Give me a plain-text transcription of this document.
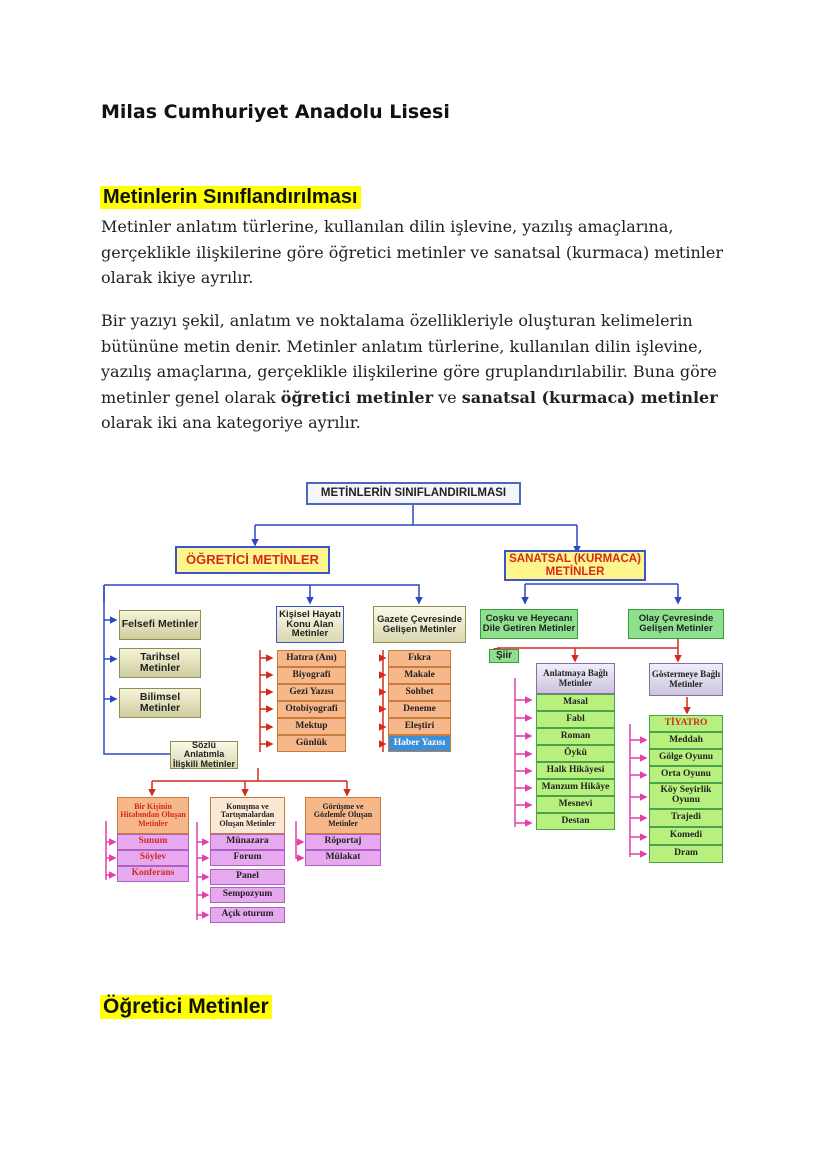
Milas Cumhuriyet Anadolu Lisesi
Metinlerin Sınıflandırılması

Metinler anlatım türlerine, kullanılan dilin işlevine, yazılış amaçlarına, gerçeklikle ilişkilerine göre öğretici metinler ve sanatsal (kurmaca) metinler olarak ikiye ayrılır.

Bir yazıyı şekil, anlatım ve noktalama özellikleriyle oluşturan kelimelerin bütününe metin denir. Metinler anlatım türlerine, kullanılan dilin işlevine, yazılış amaçlarına, gerçeklikle ilişkilerine göre gruplandırılabilir. Buna göre metinler genel olarak öğretici metinler ve sanatsal (kurmaca) metinler olarak iki ana kategoriye ayrılır.

METİNLERİN SINIFLANDIRILMASI
ÖĞRETİCİ METİNLER	SANATSAL (KURMACA) METİNLER
Felsefi Metinler
Tarihsel Metinler
Bilimsel Metinler
Kişisel Hayatı Konu Alan Metinler
Hatıra (Anı)
Biyografi
Gezi Yazısı
Otobiyografi
Mektup
Günlük
Gazete Çevresinde Gelişen Metinler
Fıkra
Makale
Sohbet
Deneme
Eleştiri
Haber Yazısı
Sözlü Anlatımla İlişkili Metinler
Bir Kişinin Hitabından Oluşan Metinler
Sunum
Söylev
Konferans
Konuşma ve Tartışmalardan Oluşan Metinler
Münazara
Forum
Panel
Sempozyum
Açık oturum
Görüşme ve Gözlemle Oluşan Metinler
Röportaj
Mülakat
Coşku ve Heyecanı Dile Getiren Metinler
Şiir
Olay Çevresinde Gelişen Metinler
Anlatmaya Bağlı Metinler
Masal
Fabl
Roman
Öykü
Halk Hikâyesi
Manzum Hikâye
Mesnevi
Destan
Göstermeye Bağlı Metinler
TİYATRO
Meddah
Gölge Oyunu
Orta Oyunu
Köy Seyirlik Oyunu
Trajedi
Komedi
Dram
Öğretici Metinler
